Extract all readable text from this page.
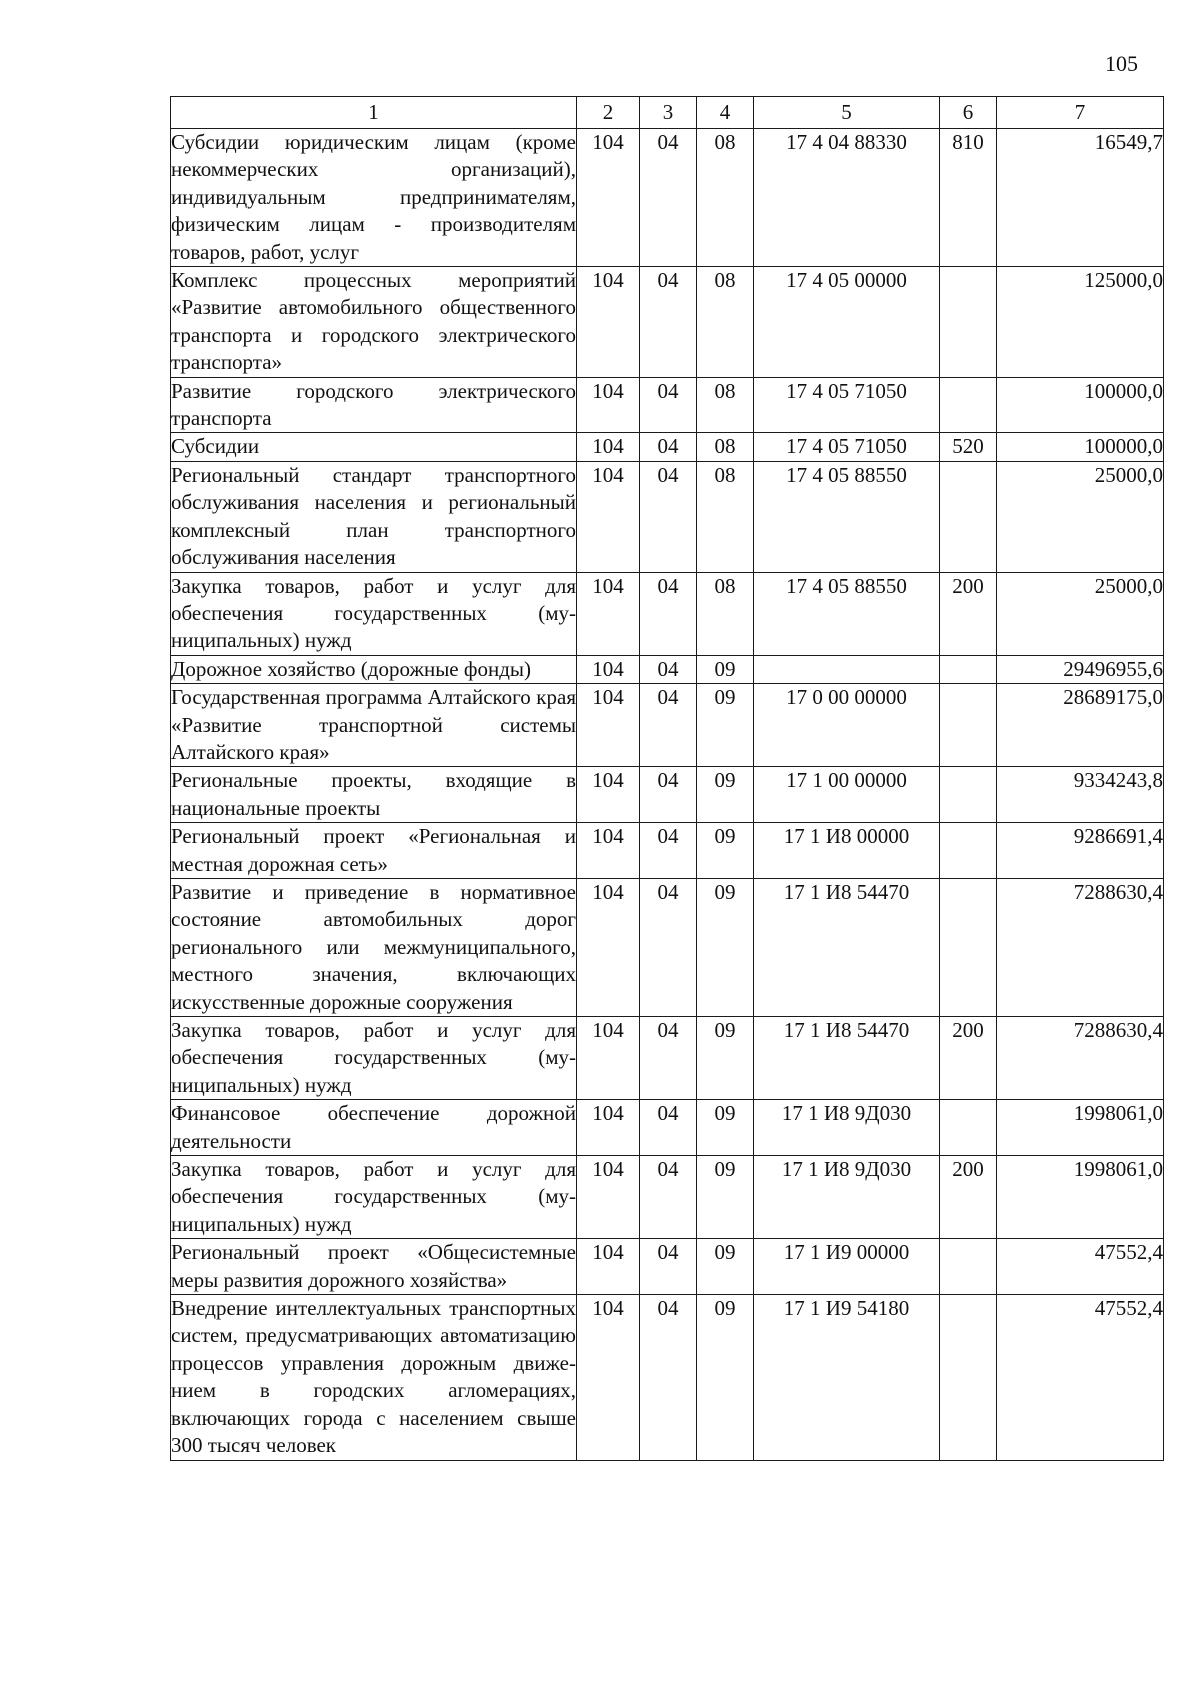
105
1	2	3	4	5	6	7
Субсидии юридическим лицам (кроме некоммерческих организаций), индивидуальным предпринимателям, физическим лицам - производителям товаров, работ, услуг	104	04	08	17 4 04 88330	810	16549,7
Комплекс процессных мероприятий «Развитие автомобильного общественного транспорта и городского электрического транспорта»	104	04	08	17 4 05 00000		125000,0
Развитие городского электрического транспорта	104	04	08	17 4 05 71050		100000,0
Субсидии	104	04	08	17 4 05 71050	520	100000,0
Региональный стандарт транспортного обслуживания населения и региональный комплексный план транспортного обслуживания населения	104	04	08	17 4 05 88550		25000,0
Закупка товаров, работ и услуг для обеспечения государственных (муниципальных) нужд	104	04	08	17 4 05 88550	200	25000,0
Дорожное хозяйство (дорожные фонды)	104	04	09			29496955,6
Государственная программа Алтайского края «Развитие транспортной системы Алтайского края»	104	04	09	17 0 00 00000		28689175,0
Региональные проекты, входящие в национальные проекты	104	04	09	17 1 00 00000		9334243,8
Региональный проект «Региональная и местная дорожная сеть»	104	04	09	17 1 И8 00000		9286691,4
Развитие и приведение в нормативное состояние автомобильных дорог регионального или межмуниципального, местного значения, включающих искусственные дорожные сооружения	104	04	09	17 1 И8 54470		7288630,4
Закупка товаров, работ и услуг для обеспечения государственных (муниципальных) нужд	104	04	09	17 1 И8 54470	200	7288630,4
Финансовое обеспечение дорожной деятельности	104	04	09	17 1 И8 9Д030		1998061,0
Закупка товаров, работ и услуг для обеспечения государственных (муниципальных) нужд	104	04	09	17 1 И8 9Д030	200	1998061,0
Региональный проект «Общесистемные меры развития дорожного хозяйства»	104	04	09	17 1 И9 00000		47552,4
Внедрение интеллектуальных транспортных систем, предусматривающих автоматизацию процессов управления дорожным движением в городских агломерациях, включающих города с населением свыше 300 тысяч человек	104	04	09	17 1 И9 54180		47552,4
